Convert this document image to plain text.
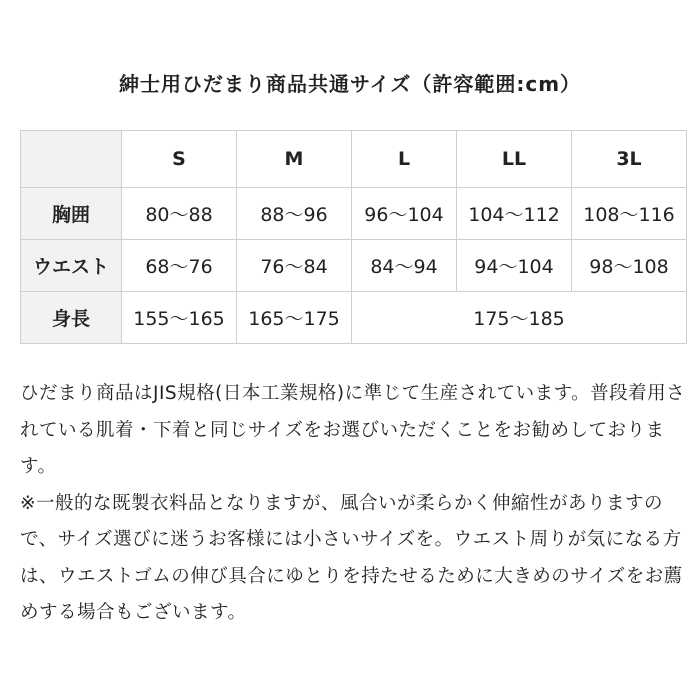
紳士用ひだまり商品共通サイズ（許容範囲:cm）
	S	M	L	LL	3L
胸囲	80～88	88～96	96～104	104～112	108～116
ウエスト	68～76	76～84	84～94	94～104	98～108
身長	155～165	165～175	175～185		

ひだまり商品はJIS規格(日本工業規格)に準じて生産されています。普段着用されている肌着・下着と同じサイズをお選びいただくことをお勧めしております。

※一般的な既製衣料品となりますが、風合いが柔らかく伸縮性がありますので、サイズ選びに迷うお客様には小さいサイズを。ウエスト周りが気になる方は、ウエストゴムの伸び具合にゆとりを持たせるために大きめのサイズをお薦めする場合もございます。
